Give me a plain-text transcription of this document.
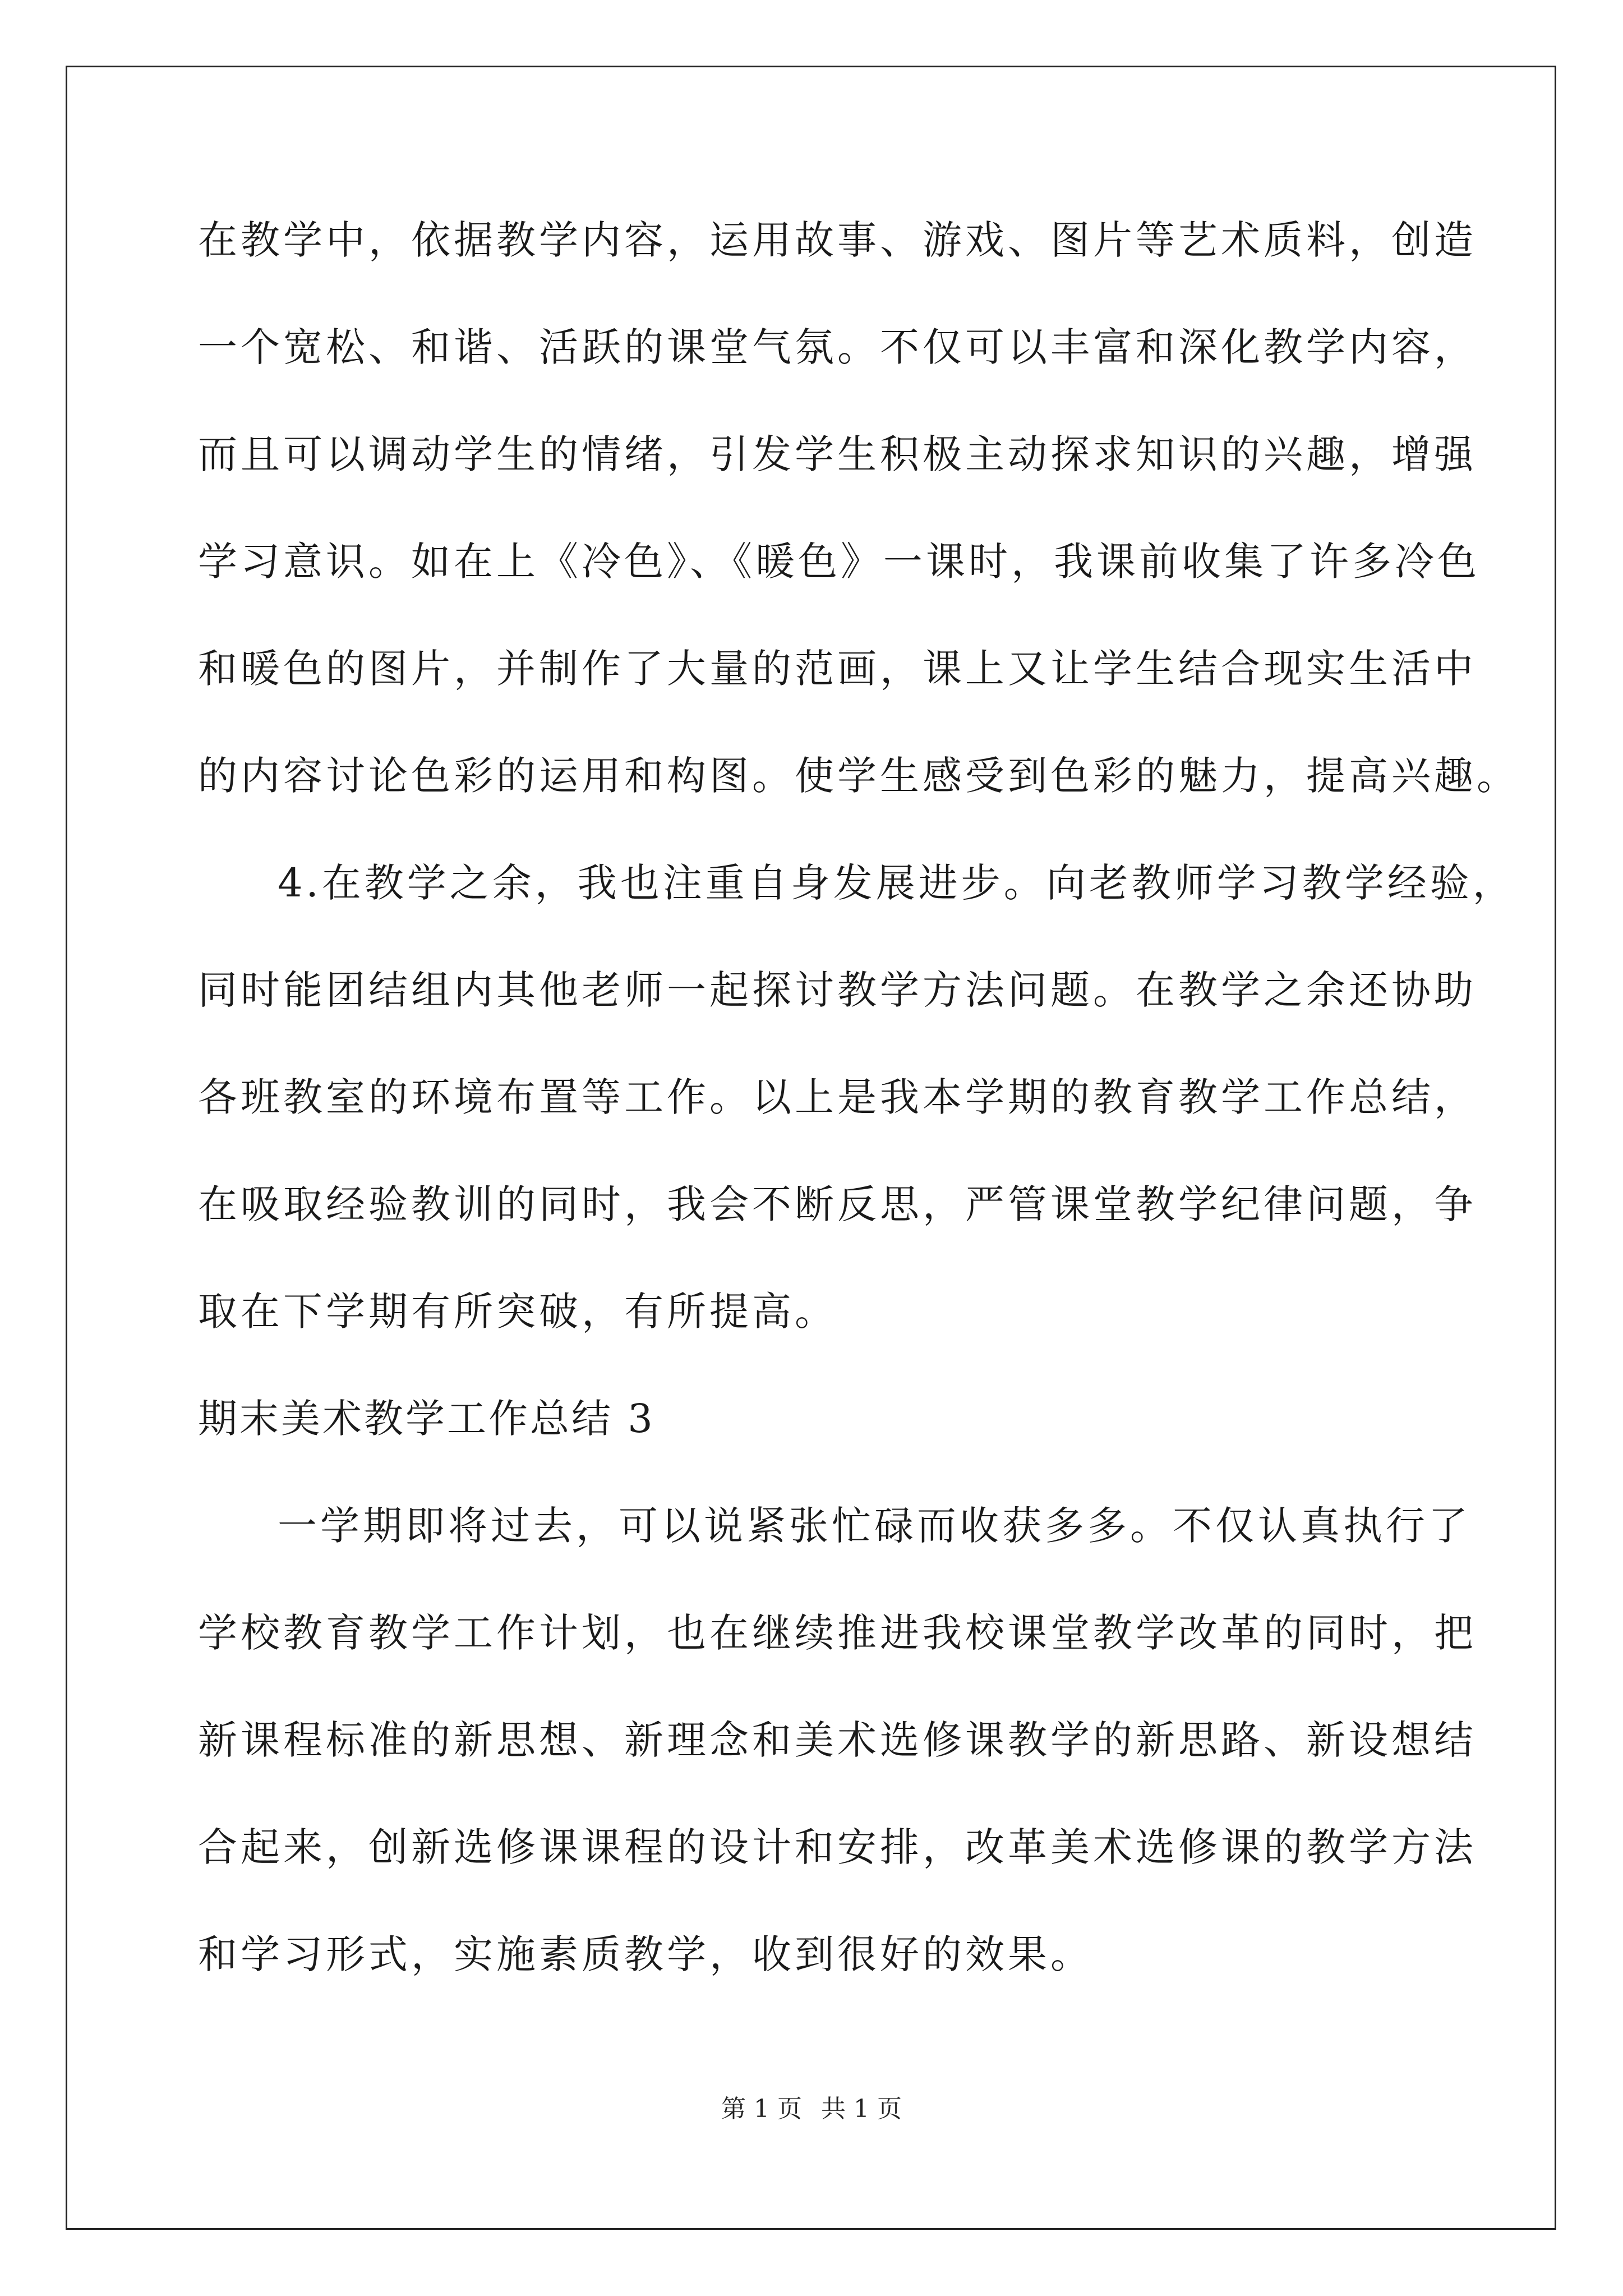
在教学中，依据教学内容，运用故事、游戏、图片等艺术质料，创造
一个宽松、和谐、活跃的课堂气氛。不仅可以丰富和深化教学内容，
而且可以调动学生的情绪，引发学生积极主动探求知识的兴趣，增强
学习意识。如在上《冷色》、《暖色》一课时，我课前收集了许多冷色
和暖色的图片，并制作了大量的范画，课上又让学生结合现实生活中
的内容讨论色彩的运用和构图。使学生感受到色彩的魅力，提高兴趣。
4.在教学之余，我也注重自身发展进步。向老教师学习教学经验，
同时能团结组内其他老师一起探讨教学方法问题。在教学之余还协助
各班教室的环境布置等工作。以上是我本学期的教育教学工作总结，
在吸取经验教训的同时，我会不断反思，严管课堂教学纪律问题，争
取在下学期有所突破，有所提高。
期末美术教学工作总结 3
一学期即将过去，可以说紧张忙碌而收获多多。不仅认真执行了
学校教育教学工作计划，也在继续推进我校课堂教学改革的同时，把
新课程标准的新思想、新理念和美术选修课教学的新思路、新设想结
合起来，创新选修课课程的设计和安排，改革美术选修课的教学方法
和学习形式，实施素质教学，收到很好的效果。
第 1 页 共 1 页
